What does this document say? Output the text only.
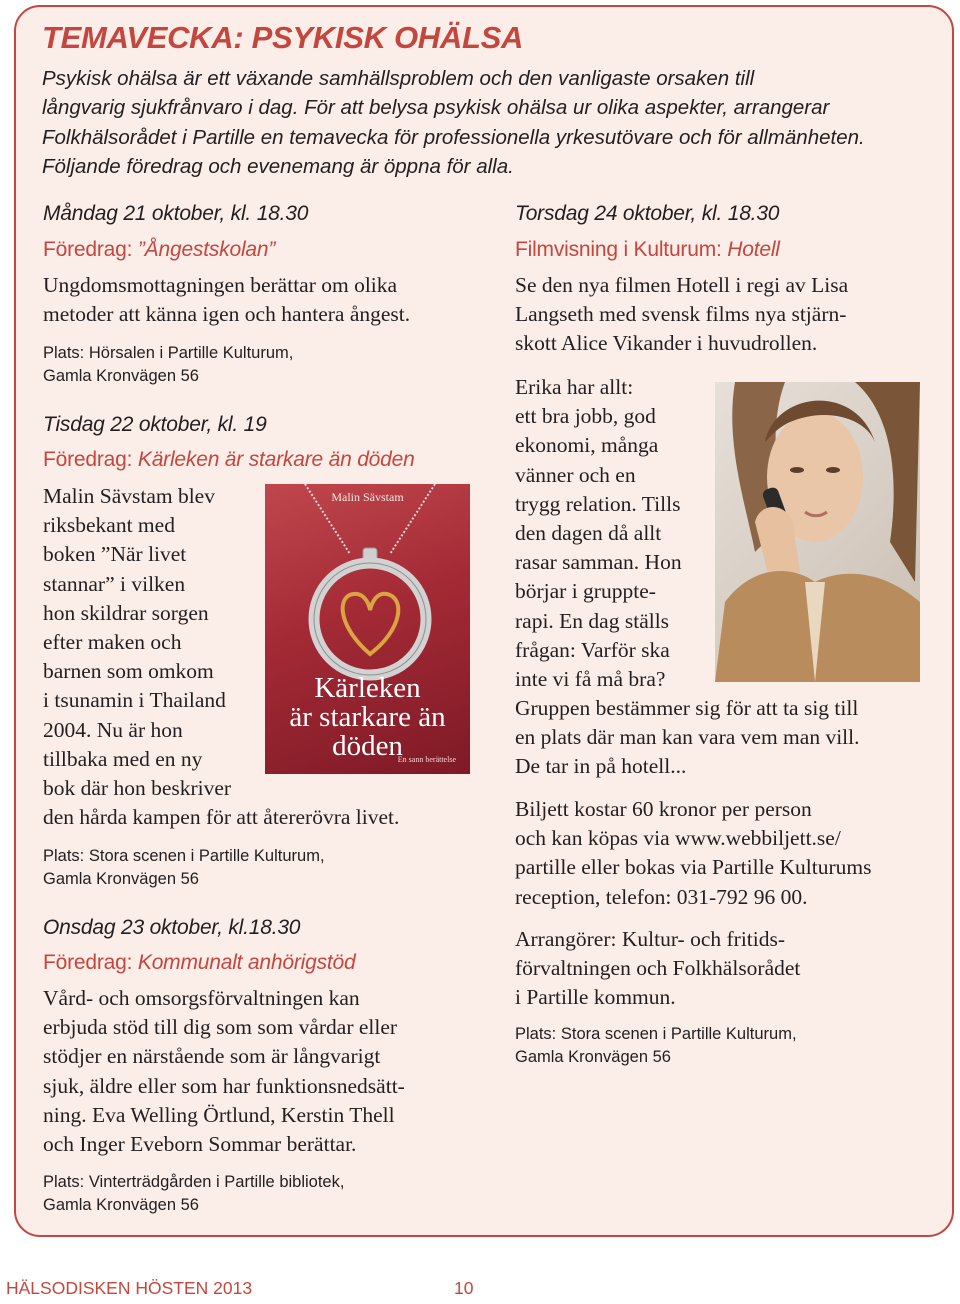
TEMAVECKA: PSYKISK OHÄLSA
Psykisk ohälsa är ett växande samhällsproblem och den vanligaste orsaken till
långvarig sjukfrånvaro i dag. För att belysa psykisk ohälsa ur olika aspekter, arrangerar
Folkhälsorådet i Partille en temavecka för professionella yrkesutövare och för allmänheten.
Följande föredrag och evenemang är öppna för alla.
Måndag 21 oktober, kl. 18.30
Föredrag: ”Ångestskolan”
Ungdomsmottagningen berättar om olika
metoder att känna igen och hantera ångest.
Plats: Hörsalen i Partille Kulturum,
Gamla Kronvägen 56
Tisdag 22 oktober, kl. 19
Föredrag: Kärleken är starkare än döden
Malin Sävstam blev
riksbekant med
boken ”När livet
stannar” i vilken
hon skildrar sorgen
efter maken och
barnen som omkom
i tsunamin i Thailand
2004. Nu är hon
tillbaka med en ny
bok där hon beskriver
den hårda kampen för att återerövra livet.
Malin Sävstam
Kärleken
är starkare än
döden
En sann berättelse
Plats: Stora scenen i Partille Kulturum,
Gamla Kronvägen 56
Onsdag 23 oktober, kl.18.30
Föredrag: Kommunalt anhörigstöd
Vård- och omsorgsförvaltningen kan
erbjuda stöd till dig som som vårdar eller
stödjer en närstående som är långvarigt
sjuk, äldre eller som har funktionsnedsätt-
ning. Eva Welling Örtlund, Kerstin Thell
och Inger Eveborn Sommar berättar.
Plats: Vinterträdgården i Partille bibliotek,
Gamla Kronvägen 56
Torsdag 24 oktober, kl. 18.30
Filmvisning i Kulturum: Hotell
Se den nya filmen Hotell i regi av Lisa
Langseth med svensk films nya stjärn-
skott Alice Vikander i huvudrollen.
Erika har allt:
ett bra jobb, god
ekonomi, många
vänner och en
trygg relation. Tills
den dagen då allt
rasar samman. Hon
börjar i gruppte-
rapi. En dag ställs
frågan: Varför ska
inte vi få må bra?
Gruppen bestämmer sig för att ta sig till
en plats där man kan vara vem man vill.
De tar in på hotell...
Biljett kostar 60 kronor per person
och kan köpas via www.webbiljett.se/
partille eller bokas via Partille Kulturums
reception, telefon: 031-792 96 00.
Arrangörer: Kultur- och fritids-
förvaltningen och Folkhälsorådet
i Partille kommun.
Plats: Stora scenen i Partille Kulturum,
Gamla Kronvägen 56
HÄLSODISKEN HÖSTEN 2013	10
